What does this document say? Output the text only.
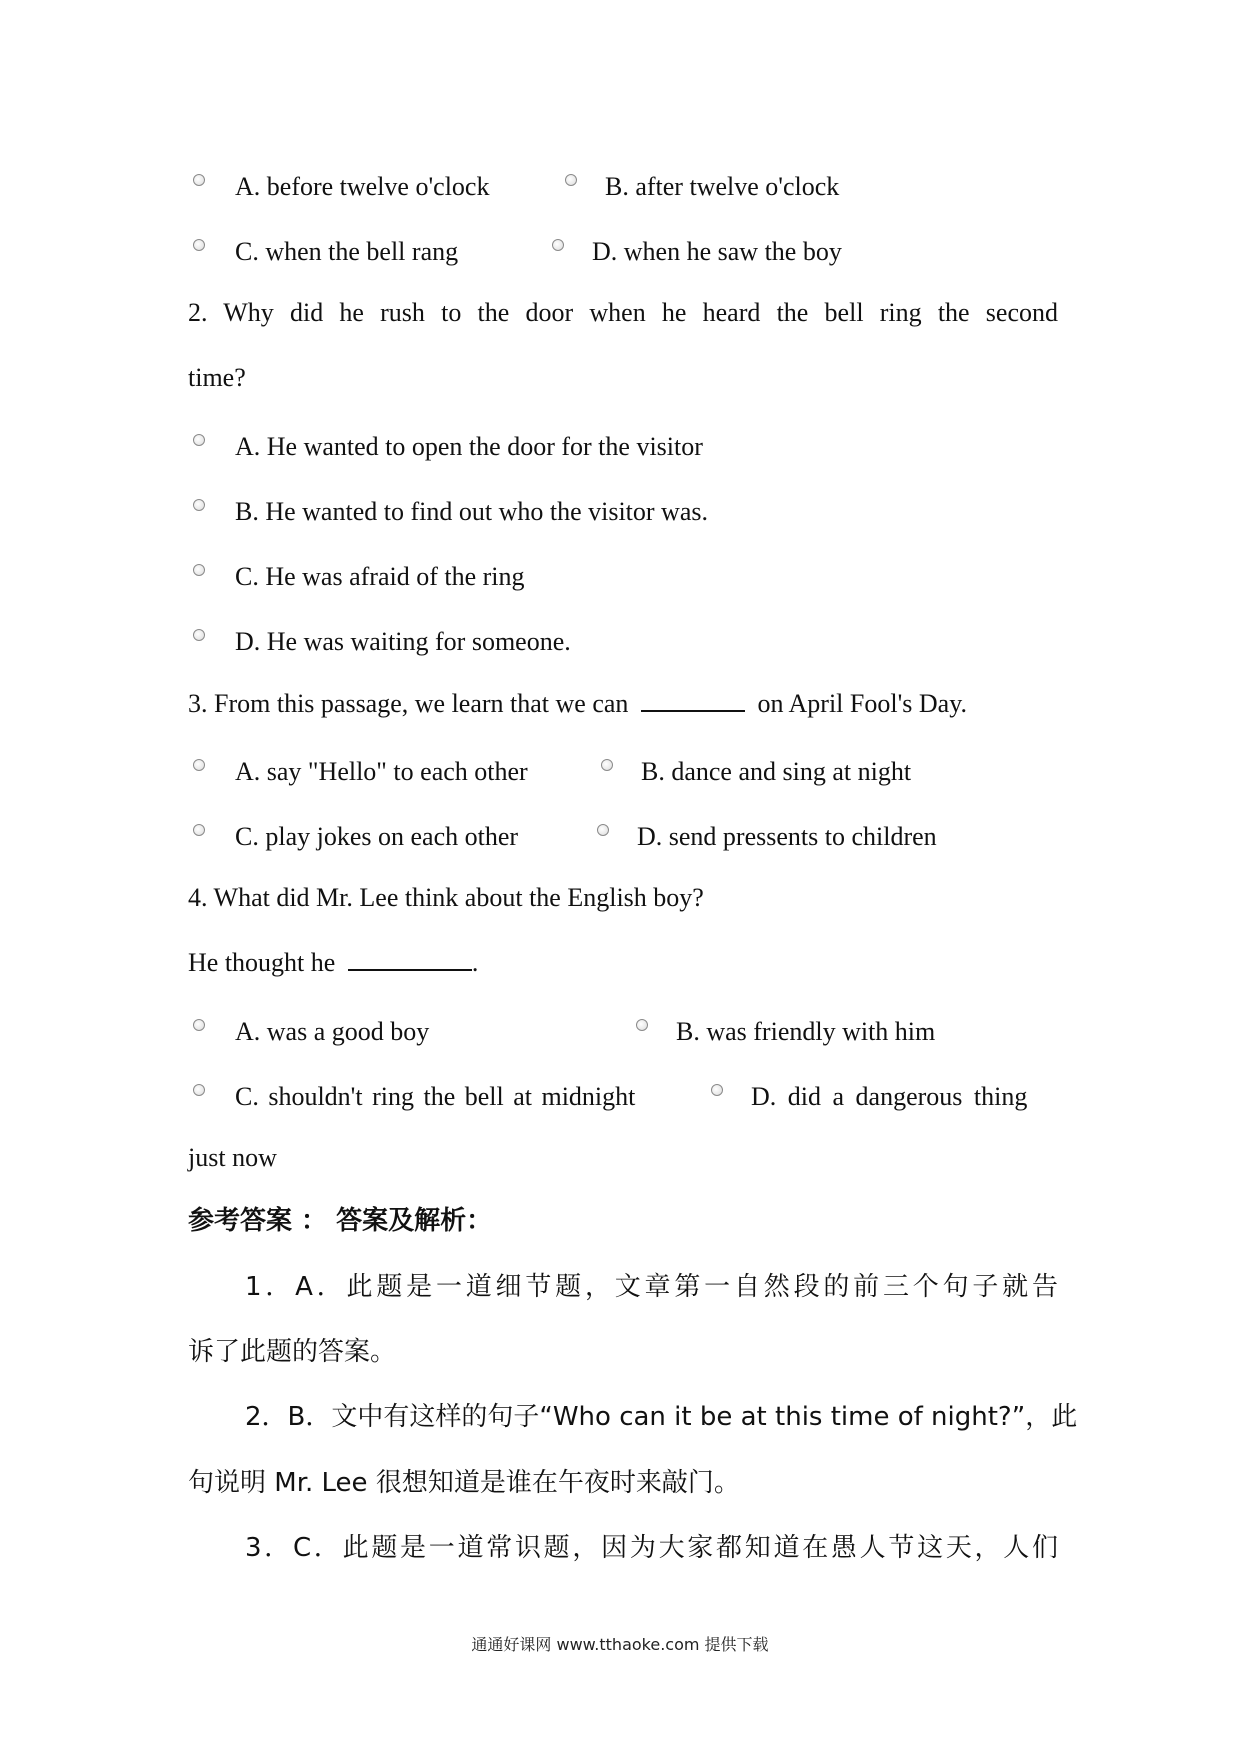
A. before twelve o'clock	B. after twelve o'clock
C. when the bell rang	D. when he saw the boy
2. Why did he rush to the door when he heard the bell ring the second
time?
A. He wanted to open the door for the visitor
B. He wanted to find out who the visitor was.
C. He was afraid of the ring
D. He was waiting for someone.
3. From this passage, we learn that we can	on April Fool's Day.
A. say "Hello" to each other	B. dance and sing at night
C. play jokes on each other	D. send pressents to children
4. What did Mr. Lee think about the English boy?
He thought he	.
A. was a good boy	B. was friendly with him
C. shouldn't ring the bell at midnight	D. did a dangerous thing
just now
参考答案 ： 答案及解析：
1．A．此题是一道细节题，文章第一自然段的前三个句子就告
诉了此题的答案。
2．B．文中有这样的句子“Who can it be at this time of night?”，此
句说明 Mr. Lee 很想知道是谁在午夜时来敲门。
3．C．此题是一道常识题，因为大家都知道在愚人节这天，人们
通通好课网 www.tthaoke.com 提供下载
